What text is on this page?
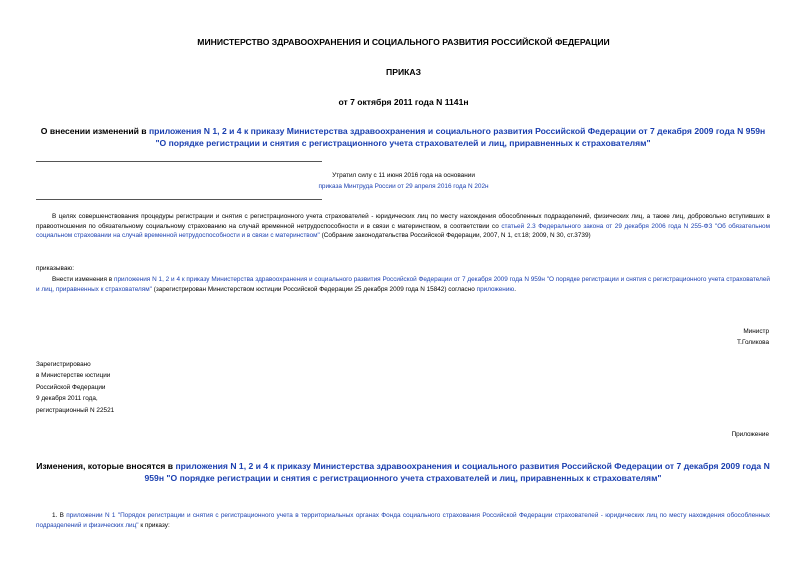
МИНИСТЕРСТВО ЗДРАВООХРАНЕНИЯ И СОЦИАЛЬНОГО РАЗВИТИЯ РОССИЙСКОЙ ФЕДЕРАЦИИ
ПРИКАЗ
от 7 октября 2011 года N 1141н
О внесении изменений в приложения N 1, 2 и 4 к приказу Министерства здравоохранения и социального развития Российской Федерации от 7 декабря 2009 года N 959н "О порядке регистрации и снятия с регистрационного учета страхователей и лиц, приравненных к страхователям"
Утратил силу с 11 июня 2016 года на основании
приказа Минтруда России от 29 апреля 2016 года N 202н
В целях совершенствования процедуры регистрации и снятия с регистрационного учета страхователей - юридических лиц по месту нахождения обособленных подразделений, физических лиц, а также лиц, добровольно вступивших в правоотношения по обязательному социальному страхованию на случай временной нетрудоспособности и в связи с материнством, в соответствии со статьей 2.3 Федерального закона от 29 декабря 2006 года N 255-ФЗ "Об обязательном социальном страховании на случай временной нетрудоспособности и в связи с материнством" (Собрание законодательства Российской Федерации, 2007, N 1, ст.18; 2009, N 30, ст.3739)
приказываю:
Внести изменения в приложения N 1, 2 и 4 к приказу Министерства здравоохранения и социального развития Российской Федерации от 7 декабря 2009 года N 959н "О порядке регистрации и снятия с регистрационного учета страхователей и лиц, приравненных к страхователям" (зарегистрирован Министерством юстиции Российской Федерации 25 декабря 2009 года N 15842) согласно приложению.
Министр
Т.Голикова
Зарегистрировано
в Министерстве юстиции
Российской Федерации
9 декабря 2011 года,
регистрационный N 22521
Приложение
Изменения, которые вносятся в приложения N 1, 2 и 4 к приказу Министерства здравоохранения и социального развития Российской Федерации от 7 декабря 2009 года N 959н "О порядке регистрации и снятия с регистрационного учета страхователей и лиц, приравненных к страхователям"
1. В приложении N 1 "Порядок регистрации и снятия с регистрационного учета в территориальных органах Фонда социального страхования Российской Федерации страхователей - юридических лиц по месту нахождения обособленных подразделений и физических лиц" к приказу:
